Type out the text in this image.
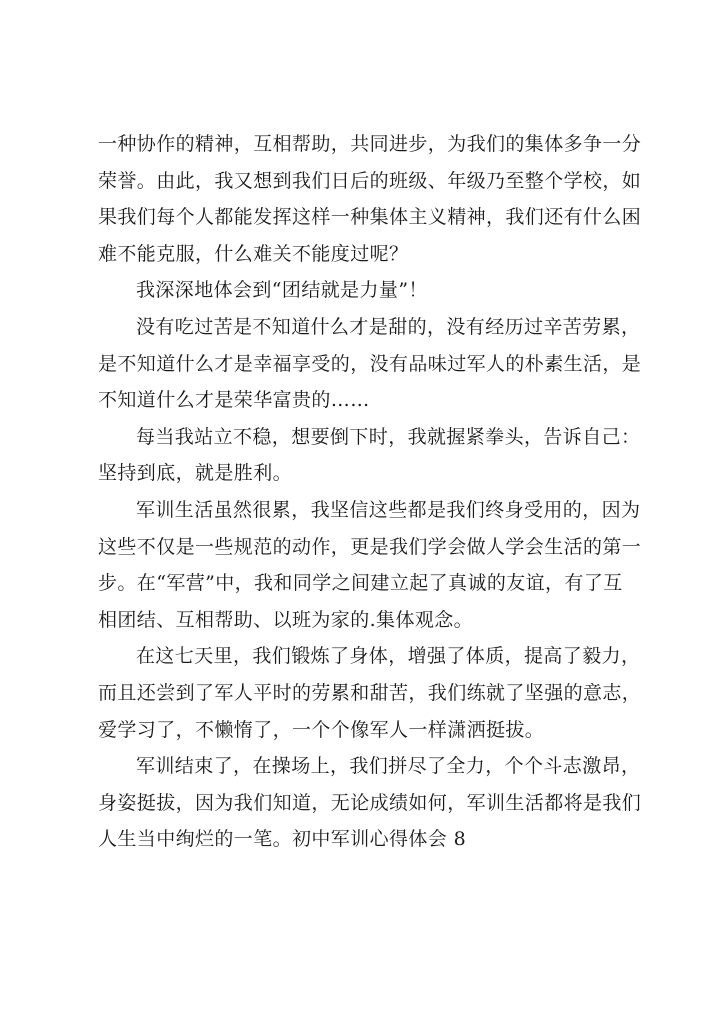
一种协作的精神，互相帮助，共同进步，为我们的集体多争一分
荣誉。由此，我又想到我们日后的班级、年级乃至整个学校，如
果我们每个人都能发挥这样一种集体主义精神，我们还有什么困
难不能克服，什么难关不能度过呢？
我深深地体会到“团结就是力量”！
没有吃过苦是不知道什么才是甜的，没有经历过辛苦劳累，
是不知道什么才是幸福享受的，没有品味过军人的朴素生活，是
不知道什么才是荣华富贵的……
每当我站立不稳，想要倒下时，我就握紧拳头，告诉自己：
坚持到底，就是胜利。
军训生活虽然很累，我坚信这些都是我们终身受用的，因为
这些不仅是一些规范的动作，更是我们学会做人学会生活的第一
步。在“军营”中，我和同学之间建立起了真诚的友谊，有了互
相团结、互相帮助、以班为家的.集体观念。
在这七天里，我们锻炼了身体，增强了体质，提高了毅力，
而且还尝到了军人平时的劳累和甜苦，我们练就了坚强的意志，
爱学习了，不懒惰了，一个个像军人一样潇洒挺拔。
军训结束了，在操场上，我们拼尽了全力，个个斗志激昂，
身姿挺拔，因为我们知道，无论成绩如何，军训生活都将是我们
人生当中绚烂的一笔。初中军训心得体会 8
